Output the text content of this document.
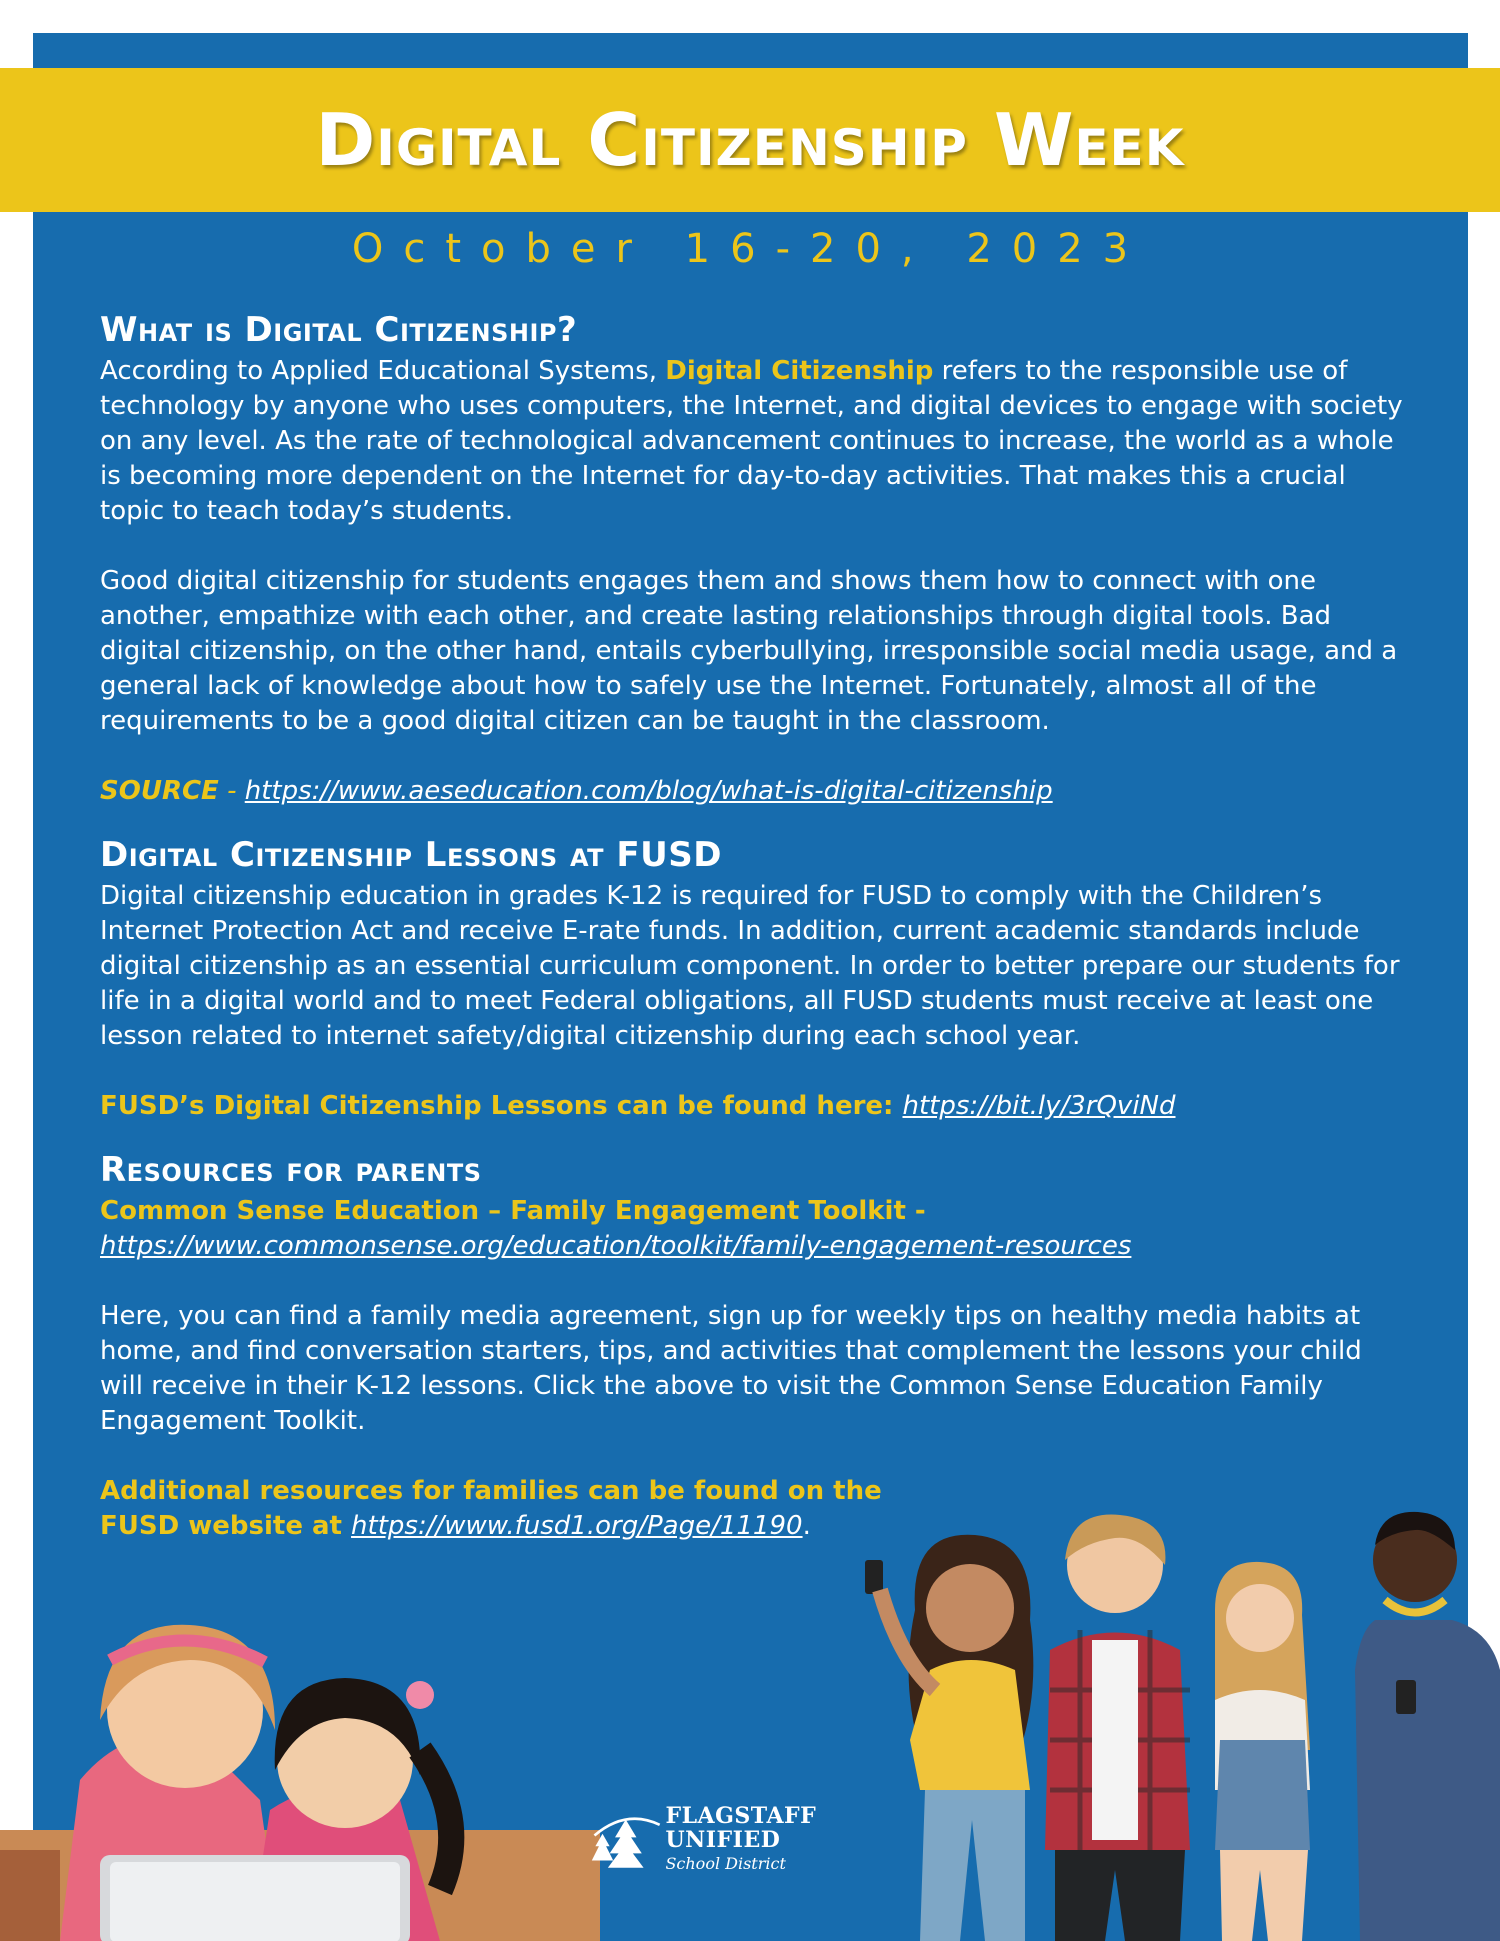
Digital Citizenship Week
October 16-20, 2023
What is Digital Citizenship?

According to Applied Educational Systems, Digital Citizenship refers to the responsible use of technology by anyone who uses computers, the Internet, and digital devices to engage with society on any level. As the rate of technological advancement continues to increase, the world as a whole is becoming more dependent on the Internet for day-to-day activities. That makes this a crucial topic to teach today’s students.

Good digital citizenship for students engages them and shows them how to connect with one another, empathize with each other, and create lasting relationships through digital tools. Bad digital citizenship, on the other hand, entails cyberbullying, irresponsible social media usage, and a general lack of knowledge about how to safely use the Internet. Fortunately, almost all of the requirements to be a good digital citizen can be taught in the classroom.

SOURCE - https://www.aeseducation.com/blog/what-is-digital-citizenship

Digital Citizenship Lessons at FUSD

Digital citizenship education in grades K-12 is required for FUSD to comply with the Children’s Internet Protection Act and receive E-rate funds. In addition, current academic standards include digital citizenship as an essential curriculum component. In order to better prepare our students for life in a digital world and to meet Federal obligations, all FUSD students must receive at least one lesson related to internet safety/digital citizenship during each school year.

FUSD’s Digital Citizenship Lessons can be found here: https://bit.ly/3rQviNd

Resources for parents

Common Sense Education – Family Engagement Toolkit -

https://www.commonsense.org/education/toolkit/family-engagement-resources

Here, you can find a family media agreement, sign up for weekly tips on healthy media habits at home, and find conversation starters, tips, and activities that complement the lessons your child will receive in their K-12 lessons. Click the above to visit the Common Sense Education Family Engagement Toolkit.

Additional resources for families can be found on the

FUSD website at https://www.fusd1.org/Page/11190.

FLAGSTAFF UNIFIED
School District
